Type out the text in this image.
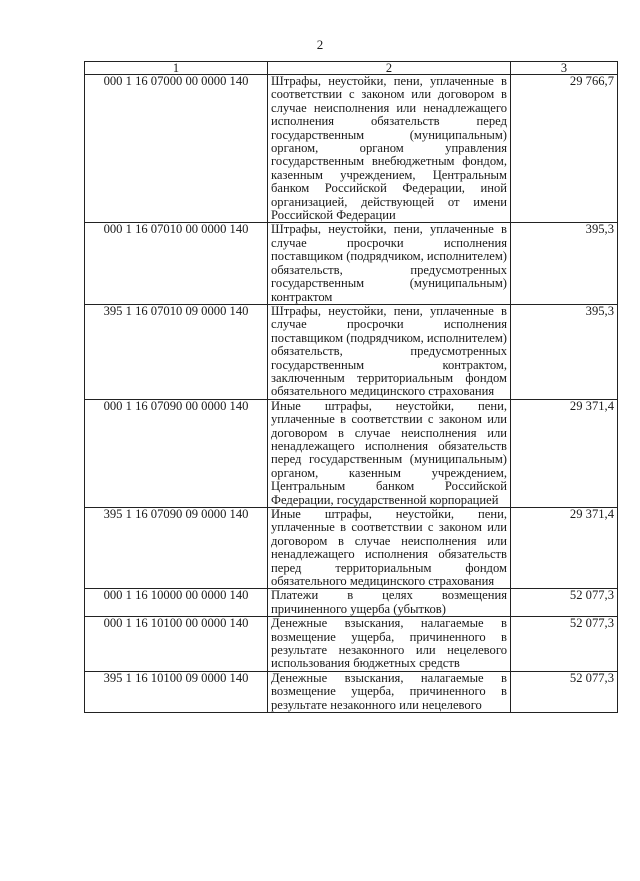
2
1	2	3
000 1 16 07000 00 0000 140	Штрафы, неустойки, пени, уплаченные в соответствии с законом или договором в случае неисполнения или ненадлежащего исполнения обязательств перед государственным (муниципальным) органом, органом управления государственным внебюджетным фондом, казенным учреждением, Центральным банком Российской Федерации, иной организацией, действующей от имени Российской Федерации	29 766,7
000 1 16 07010 00 0000 140	Штрафы, неустойки, пени, уплаченные в случае просрочки исполнения поставщиком (подрядчиком, исполнителем) обязательств, предусмотренных государственным (муниципальным) контрактом	395,3
395 1 16 07010 09 0000 140	Штрафы, неустойки, пени, уплаченные в случае просрочки исполнения поставщиком (подрядчиком, исполнителем) обязательств, предусмотренных государственным контрактом, заключенным территориальным фондом обязательного медицинского страхования	395,3
000 1 16 07090 00 0000 140	Иные штрафы, неустойки, пени, уплаченные в соответствии с законом или договором в случае неисполнения или ненадлежащего исполнения обязательств перед государственным (муниципальным) органом, казенным учреждением, Центральным банком Российской Федерации, государственной корпорацией	29 371,4
395 1 16 07090 09 0000 140	Иные штрафы, неустойки, пени, уплаченные в соответствии с законом или договором в случае неисполнения или ненадлежащего исполнения обязательств перед территориальным фондом обязательного медицинского страхования	29 371,4
000 1 16 10000 00 0000 140	Платежи в целях возмещения причиненного ущерба (убытков)	52 077,3
000 1 16 10100 00 0000 140	Денежные взыскания, налагаемые в возмещение ущерба, причиненного в результате незаконного или нецелевого использования бюджетных средств	52 077,3
395 1 16 10100 09 0000 140	Денежные взыскания, налагаемые в возмещение ущерба, причиненного в результате незаконного или нецелевого	52 077,3
